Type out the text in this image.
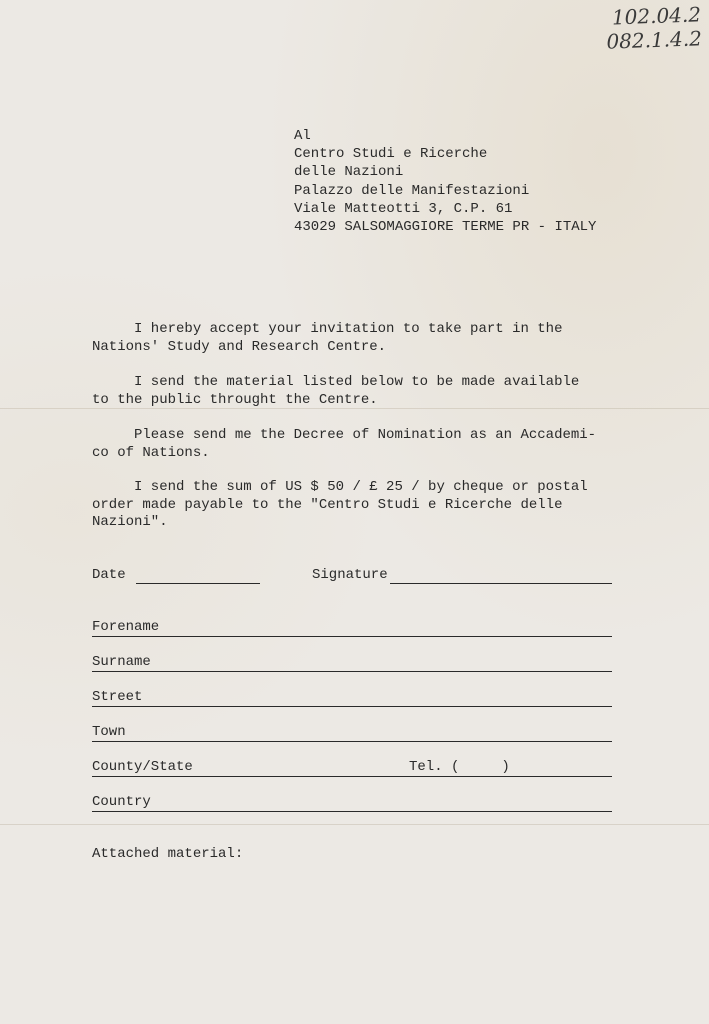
102.04.2
082.1.4.2
Al
Centro Studi e Ricerche
delle Nazioni
Palazzo delle Manifestazioni
Viale Matteotti 3, C.P. 61
43029 SALSOMAGGIORE TERME PR - ITALY
I hereby accept your invitation to take part in the
Nations' Study and Research Centre.
I send the material listed below to be made available
to the public throught the Centre.
Please send me the Decree of Nomination as an Accademi-
co of Nations.
I send the sum of US $ 50 / £ 25 / by cheque or postal
order made payable to the "Centro Studi e Ricerche delle
Nazioni".
Date	Signature
Forename
Surname
Street
Town
County/State	Tel. (     )
Country
Attached material:
